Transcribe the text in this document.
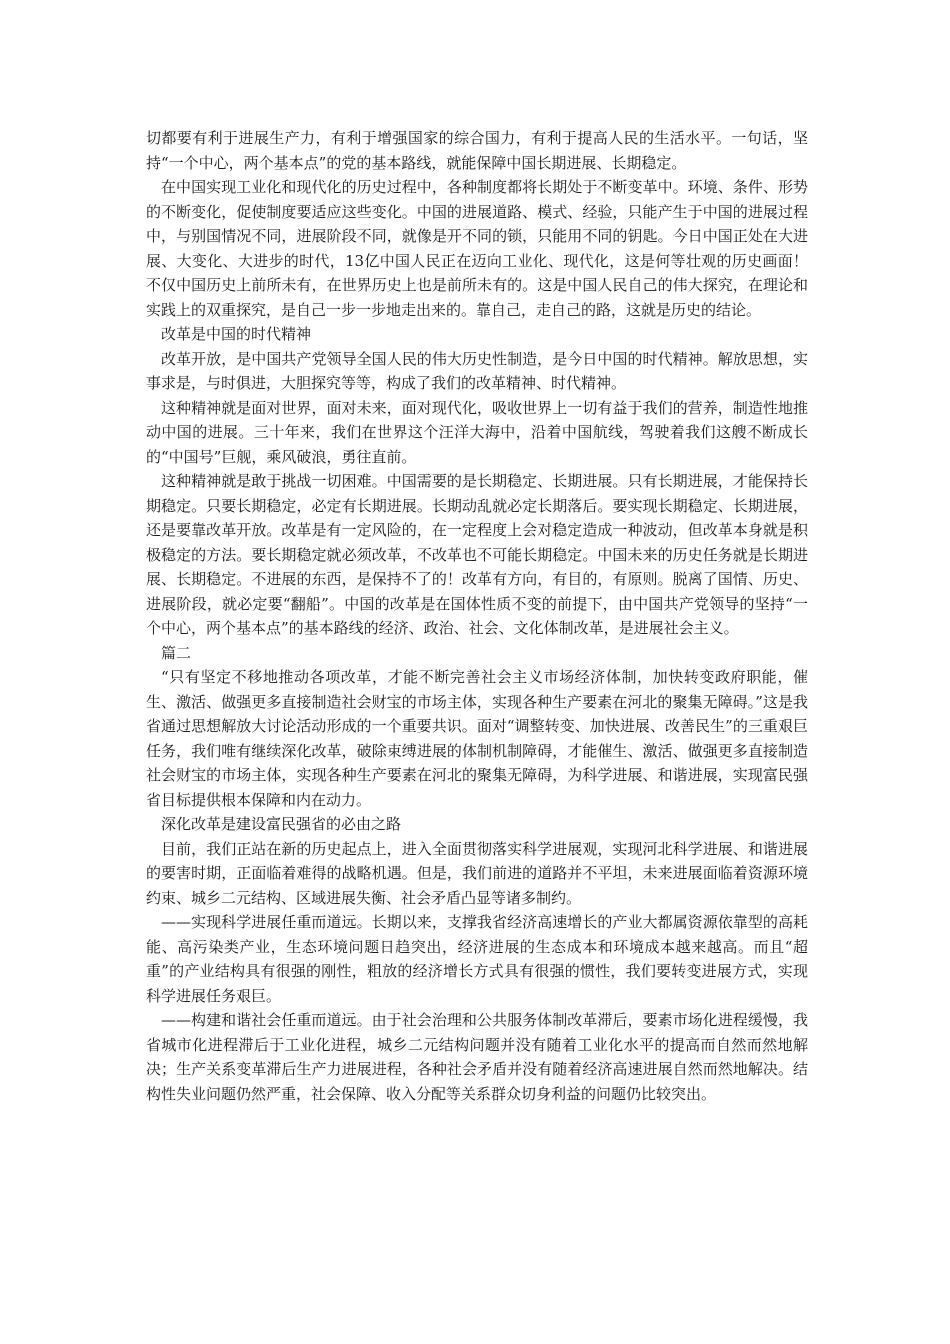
切都要有利于进展生产力，有利于增强国家的综合国力，有利于提高人民的生活水平。一句话，坚持“一个中心，两个基本点”的党的基本路线，就能保障中国长期进展、长期稳定。

在中国实现工业化和现代化的历史过程中，各种制度都将长期处于不断变革中。环境、条件、形势的不断变化，促使制度要适应这些变化。中国的进展道路、模式、经验，只能产生于中国的进展过程中，与别国情况不同，进展阶段不同，就像是开不同的锁，只能用不同的钥匙。今日中国正处在大进展、大变化、大进步的时代，13亿中国人民正在迈向工业化、现代化，这是何等壮观的历史画面！不仅中国历史上前所未有，在世界历史上也是前所未有的。这是中国人民自己的伟大探究，在理论和实践上的双重探究，是自己一步一步地走出来的。靠自己，走自己的路，这就是历史的结论。

改革是中国的时代精神

改革开放，是中国共产党领导全国人民的伟大历史性制造，是今日中国的时代精神。解放思想，实事求是，与时俱进，大胆探究等等，构成了我们的改革精神、时代精神。

这种精神就是面对世界，面对未来，面对现代化，吸收世界上一切有益于我们的营养，制造性地推动中国的进展。三十年来，我们在世界这个汪洋大海中，沿着中国航线，驾驶着我们这艘不断成长的“中国号”巨舰，乘风破浪，勇往直前。

这种精神就是敢于挑战一切困难。中国需要的是长期稳定、长期进展。只有长期进展，才能保持长期稳定。只要长期稳定，必定有长期进展。长期动乱就必定长期落后。要实现长期稳定、长期进展，还是要靠改革开放。改革是有一定风险的，在一定程度上会对稳定造成一种波动，但改革本身就是积极稳定的方法。要长期稳定就必须改革，不改革也不可能长期稳定。中国未来的历史任务就是长期进展、长期稳定。不进展的东西，是保持不了的！改革有方向，有目的，有原则。脱离了国情、历史、进展阶段，就必定要“翻船”。中国的改革是在国体性质不变的前提下，由中国共产党领导的坚持“一个中心，两个基本点”的基本路线的经济、政治、社会、文化体制改革，是进展社会主义。

篇二

“只有坚定不移地推动各项改革，才能不断完善社会主义市场经济体制，加快转变政府职能，催生、激活、做强更多直接制造社会财宝的市场主体，实现各种生产要素在河北的聚集无障碍。”这是我省通过思想解放大讨论活动形成的一个重要共识。面对“调整转变、加快进展、改善民生”的三重艰巨任务，我们唯有继续深化改革，破除束缚进展的体制机制障碍，才能催生、激活、做强更多直接制造社会财宝的市场主体，实现各种生产要素在河北的聚集无障碍，为科学进展、和谐进展，实现富民强省目标提供根本保障和内在动力。

深化改革是建设富民强省的必由之路

目前，我们正站在新的历史起点上，进入全面贯彻落实科学进展观，实现河北科学进展、和谐进展的要害时期，正面临着难得的战略机遇。但是，我们前进的道路并不平坦，未来进展面临着资源环境约束、城乡二元结构、区域进展失衡、社会矛盾凸显等诸多制约。

——实现科学进展任重而道远。长期以来，支撑我省经济高速增长的产业大都属资源依靠型的高耗能、高污染类产业，生态环境问题日趋突出，经济进展的生态成本和环境成本越来越高。而且“超重”的产业结构具有很强的刚性，粗放的经济增长方式具有很强的惯性，我们要转变进展方式，实现科学进展任务艰巨。

——构建和谐社会任重而道远。由于社会治理和公共服务体制改革滞后，要素市场化进程缓慢，我省城市化进程滞后于工业化进程，城乡二元结构问题并没有随着工业化水平的提高而自然而然地解决；生产关系变革滞后生产力进展进程，各种社会矛盾并没有随着经济高速进展自然而然地解决。结构性失业问题仍然严重，社会保障、收入分配等关系群众切身利益的问题仍比较突出。
